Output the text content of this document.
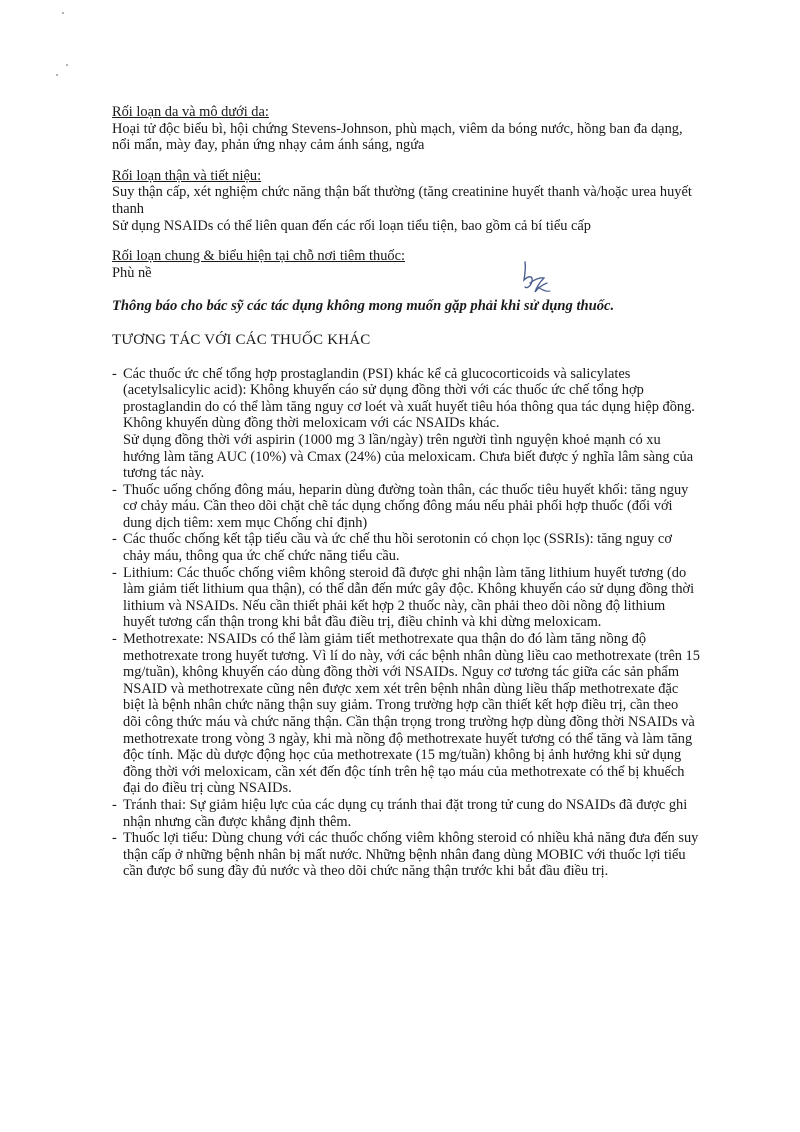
Rối loạn da và mô dưới da:

Hoại tử độc biểu bì, hội chứng Stevens-Johnson, phù mạch, viêm da bóng nước, hồng ban đa dạng, nổi mẩn, mày đay, phản ứng nhạy cảm ánh sáng, ngứa

Rối loạn thận và tiết niệu:

Suy thận cấp, xét nghiệm chức năng thận bất thường (tăng creatinine huyết thanh và/hoặc urea huyết thanh

Sử dụng NSAIDs có thể liên quan đến các rối loạn tiểu tiện, bao gồm cả bí tiểu cấp

Rối loạn chung & biểu hiện tại chỗ nơi tiêm thuốc:

Phù nề

Thông báo cho bác sỹ các tác dụng không mong muốn gặp phải khi sử dụng thuốc.

TƯƠNG TÁC VỚI CÁC THUỐC KHÁC

- Các thuốc ức chế tổng hợp prostaglandin (PSI) khác kể cả glucocorticoids và salicylates (acetylsalicylic acid): Không khuyến cáo sử dụng đồng thời với các thuốc ức chế tổng hợp prostaglandin do có thể làm tăng nguy cơ loét và xuất huyết tiêu hóa thông qua tác dụng hiệp đồng. Không khuyến dùng đồng thời meloxicam với các NSAIDs khác.

Sử dụng đồng thời với aspirin (1000 mg 3 lần/ngày) trên người tình nguyện khoẻ mạnh có xu hướng làm tăng AUC (10%) và Cmax (24%) của meloxicam. Chưa biết được ý nghĩa lâm sàng của tương tác này.

- Thuốc uống chống đông máu, heparin dùng đường toàn thân, các thuốc tiêu huyết khối: tăng nguy cơ chảy máu. Cần theo dõi chặt chẽ tác dụng chống đông máu nếu phải phối hợp thuốc (đối với dung dịch tiêm: xem mục Chống chỉ định)

- Các thuốc chống kết tập tiểu cầu và ức chế thu hồi serotonin có chọn lọc (SSRIs): tăng nguy cơ chảy máu, thông qua ức chế chức năng tiểu cầu.

- Lithium: Các thuốc chống viêm không steroid đã được ghi nhận làm tăng lithium huyết tương (do làm giảm tiết lithium qua thận), có thể dẫn đến mức gây độc. Không khuyến cáo sử dụng đồng thời lithium và NSAIDs. Nếu cần thiết phải kết hợp 2 thuốc này, cần phải theo dõi nồng độ lithium huyết tương cẩn thận trong khi bắt đầu điều trị, điều chỉnh và khi dừng meloxicam.

- Methotrexate: NSAIDs có thể làm giảm tiết methotrexate qua thận do đó làm tăng nồng độ methotrexate trong huyết tương. Vì lí do này, với các bệnh nhân dùng liều cao methotrexate (trên 15 mg/tuần), không khuyến cáo dùng đồng thời với NSAIDs. Nguy cơ tương tác giữa các sản phẩm NSAID và methotrexate cũng nên được xem xét trên bệnh nhân dùng liều thấp methotrexate đặc biệt là bệnh nhân chức năng thận suy giảm. Trong trường hợp cần thiết kết hợp điều trị, cần theo dõi công thức máu và chức năng thận. Cần thận trọng trong trường hợp dùng đồng thời NSAIDs và methotrexate trong vòng 3 ngày, khi mà nồng độ methotrexate huyết tương có thể tăng và làm tăng độc tính. Mặc dù dược động học của methotrexate (15 mg/tuần) không bị ảnh hưởng khi sử dụng đồng thời với meloxicam, cần xét đến độc tính trên hệ tạo máu của methotrexate có thể bị khuếch đại do điều trị cùng NSAIDs.

- Tránh thai: Sự giảm hiệu lực của các dụng cụ tránh thai đặt trong tử cung do NSAIDs đã được ghi nhận nhưng cần được khẳng định thêm.

- Thuốc lợi tiểu: Dùng chung với các thuốc chống viêm không steroid có nhiều khả năng đưa đến suy thận cấp ở những bệnh nhân bị mất nước. Những bệnh nhân đang dùng MOBIC với thuốc lợi tiểu cần được bổ sung đầy đủ nước và theo dõi chức năng thận trước khi bắt đầu điều trị.
